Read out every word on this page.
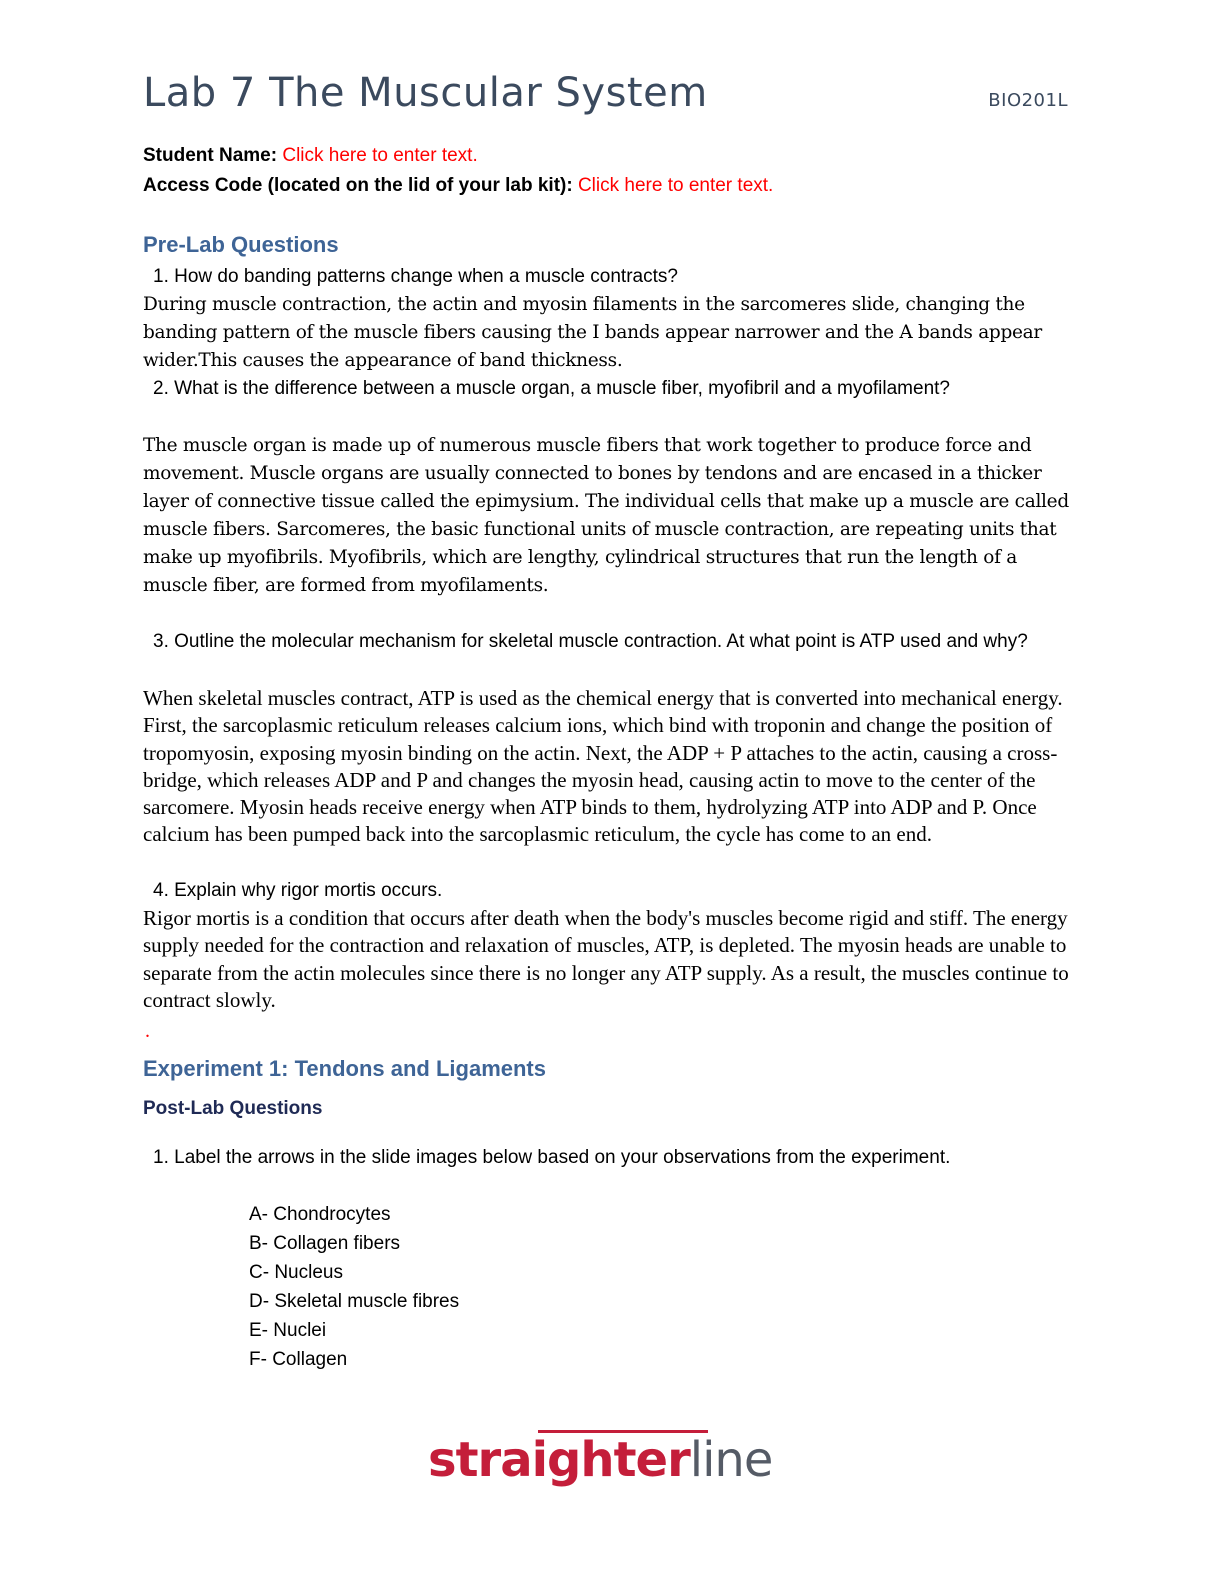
Lab 7 The Muscular System	BIO201L
Student Name: Click here to enter text.
Access Code (located on the lid of your lab kit): Click here to enter text.
Pre-Lab Questions
1. How do banding patterns change when a muscle contracts?
During muscle contraction, the actin and myosin filaments in the sarcomeres slide, changing the banding pattern of the muscle fibers causing the I bands appear narrower and the A bands appear wider.This causes the appearance of band thickness.
2. What is the difference between a muscle organ, a muscle fiber, myofibril and a myofilament?
The muscle organ is made up of numerous muscle fibers that work together to produce force and movement. Muscle organs are usually connected to bones by tendons and are encased in a thicker layer of connective tissue called the epimysium. The individual cells that make up a muscle are called muscle fibers. Sarcomeres, the basic functional units of muscle contraction, are repeating units that make up myofibrils. Myofibrils, which are lengthy, cylindrical structures that run the length of a muscle fiber, are formed from myofilaments.
3. Outline the molecular mechanism for skeletal muscle contraction. At what point is ATP used and why?
When skeletal muscles contract, ATP is used as the chemical energy that is converted into mechanical energy. First, the sarcoplasmic reticulum releases calcium ions, which bind with troponin and change the position of tropomyosin, exposing myosin binding on the actin. Next, the ADP + P attaches to the actin, causing a cross-bridge, which releases ADP and P and changes the myosin head, causing actin to move to the center of the sarcomere. Myosin heads receive energy when ATP binds to them, hydrolyzing ATP into ADP and P. Once calcium has been pumped back into the sarcoplasmic reticulum, the cycle has come to an end.
4. Explain why rigor mortis occurs.
Rigor mortis is a condition that occurs after death when the body's muscles become rigid and stiff. The energy supply needed for the contraction and relaxation of muscles, ATP, is depleted. The myosin heads are unable to separate from the actin molecules since there is no longer any ATP supply. As a result, the muscles continue to contract slowly.
.
Experiment 1: Tendons and Ligaments
Post-Lab Questions
1. Label the arrows in the slide images below based on your observations from the experiment.
A- Chondrocytes
B- Collagen fibers
C- Nucleus
D- Skeletal muscle fibres
E- Nuclei
F- Collagen
straighterline
